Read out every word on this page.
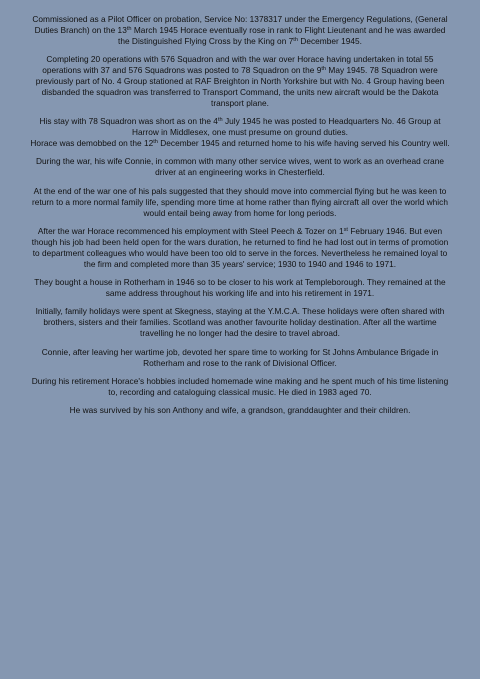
Commissioned as a Pilot Officer on probation, Service No: 1378317 under the Emergency Regulations, (General Duties Branch) on the 13th March 1945 Horace eventually rose in rank to Flight Lieutenant and he was awarded the Distinguished Flying Cross by the King on 7th December 1945.

Completing 20 operations with 576 Squadron and with the war over Horace having undertaken in total 55 operations with 37 and 576 Squadrons was posted to 78 Squadron on the 9th May 1945. 78 Squadron were previously part of No. 4 Group stationed at RAF Breighton in North Yorkshire but with No. 4 Group having been disbanded the squadron was transferred to Transport Command, the units new aircraft would be the Dakota transport plane.

His stay with 78 Squadron was short as on the 4th July 1945 he was posted to Headquarters No. 46 Group at Harrow in Middlesex, one must presume on ground duties.
Horace was demobbed on the 12th December 1945 and returned home to his wife having served his Country well.

During the war, his wife Connie, in common with many other service wives, went to work as an overhead crane driver at an engineering works in Chesterfield.

At the end of the war one of his pals suggested that they should move into commercial flying but he was keen to return to a more normal family life, spending more time at home rather than flying aircraft all over the world which would entail being away from home for long periods.

After the war Horace recommenced his employment with Steel Peech & Tozer on 1st February 1946. But even though his job had been held open for the wars duration, he returned to find he had lost out in terms of promotion to department colleagues who would have been too old to serve in the forces. Nevertheless he remained loyal to the firm and completed more than 35 years' service; 1930 to 1940 and 1946 to 1971.

They bought a house in Rotherham in 1946 so to be closer to his work at Templeborough. They remained at the same address throughout his working life and into his retirement in 1971.

Initially, family holidays were spent at Skegness, staying at the Y.M.C.A. These holidays were often shared with brothers, sisters and their families. Scotland was another favourite holiday destination. After all the wartime travelling he no longer had the desire to travel abroad.

Connie, after leaving her wartime job, devoted her spare time to working for St Johns Ambulance Brigade in Rotherham and rose to the rank of Divisional Officer.

During his retirement Horace's hobbies included homemade wine making and he spent much of his time listening to, recording and cataloguing classical music. He died in 1983 aged 70.

He was survived by his son Anthony and wife, a grandson, granddaughter and their children.
